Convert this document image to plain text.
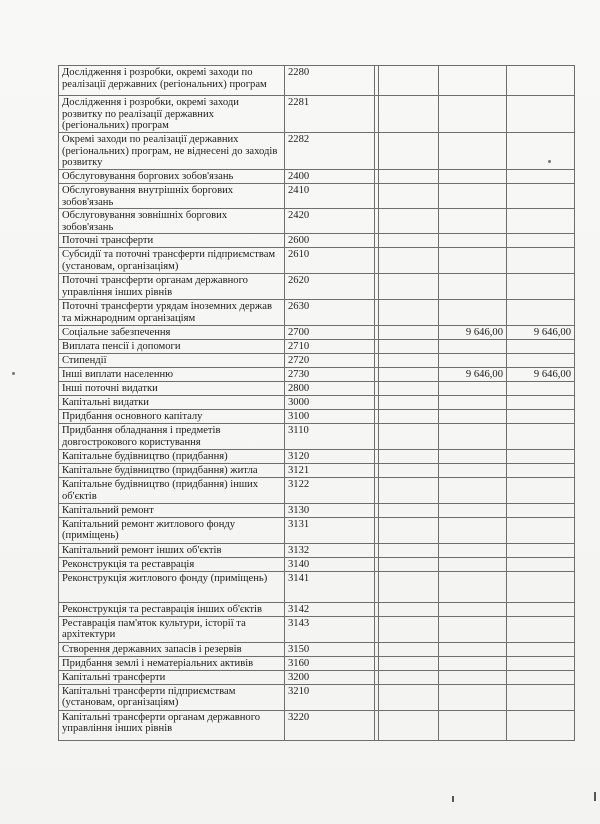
Дослідження і розробки, окремі заходи по реалізації державних (регіональних) програм	2280				
Дослідження і розробки, окремі заходи розвитку по реалізації державних (регіональних) програм	2281				
Окремі заходи по реалізації державних (регіональних) програм, не віднесені до заходів розвитку	2282				
Обслуговування боргових зобов'язань	2400				
Обслуговування внутрішніх боргових зобов'язань	2410				
Обслуговування зовнішніх боргових зобов'язань	2420				
Поточні трансферти	2600				
Субсидії та поточні трансферти підприємствам (установам, організаціям)	2610				
Поточні трансферти органам державного управління інших рівнів	2620				
Поточні трансферти урядам іноземних держав та міжнародним організаціям	2630				
Соціальне забезпечення	2700			9 646,00	9 646,00
Виплата пенсії і допомоги	2710				
Стипендії	2720				
Інші виплати населенню	2730			9 646,00	9 646,00
Інші поточні видатки	2800				
Капітальні видатки	3000				
Придбання основного капіталу	3100				
Придбання обладнання і предметів довгострокового користування	3110				
Капітальне будівництво (придбання)	3120				
Капітальне будівництво (придбання) житла	3121				
Капітальне будівництво (придбання) інших об'єктів	3122				
Капітальний ремонт	3130				
Капітальний ремонт житлового фонду (приміщень)	3131				
Капітальний ремонт інших об'єктів	3132				
Реконструкція та реставрація	3140				
Реконструкція житлового фонду (приміщень)	3141				
Реконструкція та реставрація інших об'єктів	3142				
Реставрація пам'яток культури, історії та архітектури	3143				
Створення державних запасів і резервів	3150				
Придбання землі і нематеріальних активів	3160				
Капітальні трансферти	3200				
Капітальні трансферти підприємствам (установам, організаціям)	3210				
Капітальні трансферти органам державного управління інших рівнів	3220				
